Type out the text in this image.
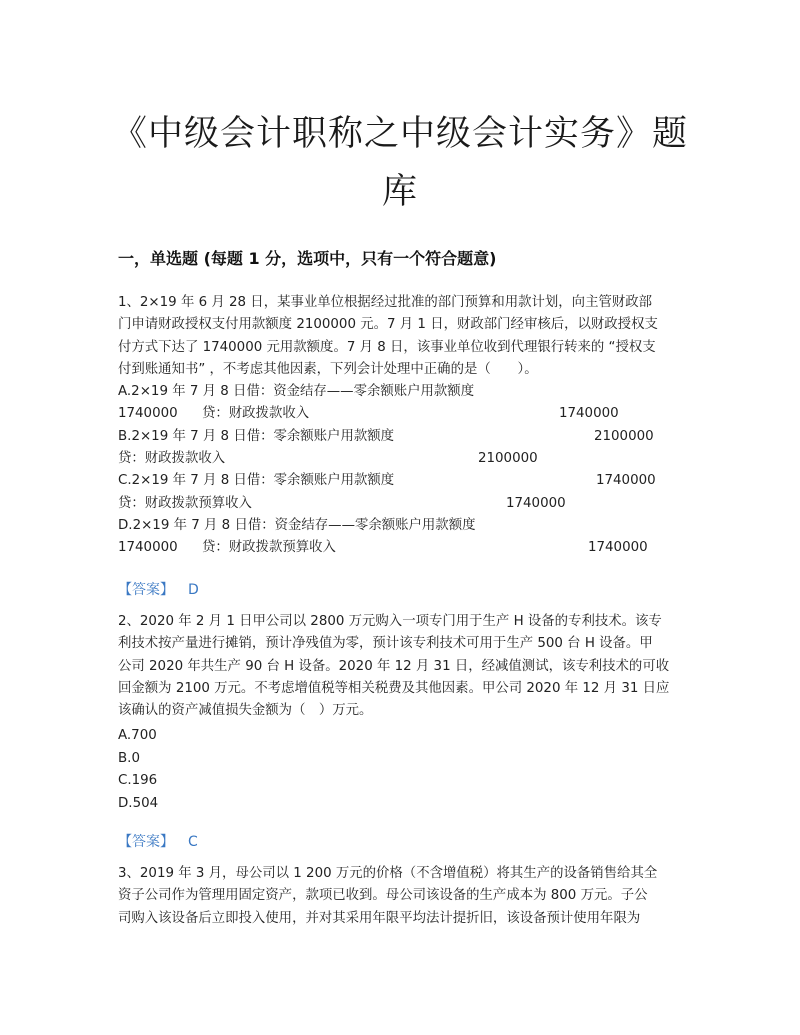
《中级会计职称之中级会计实务》题
库
一，单选题 (每题 1 分，选项中，只有一个符合题意)

1、2×19 年 6 月 28 日，某事业单位根据经过批准的部门预算和用款计划，向主管财政部

门申请财政授权支付用款额度 2100000 元。7 月 1 日，财政部门经审核后，以财政授权支

付方式下达了 1740000 元用款额度。7 月 8 日，该事业单位收到代理银行转来的 “授权支

付到账通知书” ，不考虑其他因素，下列会计处理中正确的是（　　）。

A.2×19 年 7 月 8 日借：资金结存——零余额账户用款额度
1740000 贷：财政拨款收入	1740000
B.2×19 年 7 月 8 日借：零余额账户用款额度	2100000
贷：财政拨款收入	2100000
C.2×19 年 7 月 8 日借：零余额账户用款额度	1740000
贷：财政拨款预算收入	1740000
D.2×19 年 7 月 8 日借：资金结存——零余额账户用款额度
1740000 贷：财政拨款预算收入	1740000
【答案】 D

2、2020 年 2 月 1 日甲公司以 2800 万元购入一项专门用于生产 H 设备的专利技术。该专

利技术按产量进行摊销，预计净残值为零，预计该专利技术可用于生产 500 台 H 设备。甲

公司 2020 年共生产 90 台 H 设备。2020 年 12 月 31 日，经减值测试，该专利技术的可收

回金额为 2100 万元。不考虑增值税等相关税费及其他因素。甲公司 2020 年 12 月 31 日应

该确认的资产减值损失金额为（　）万元。

A.700

B.0

C.196

D.504

【答案】 C

3、2019 年 3 月，母公司以 1 200 万元的价格（不含增值税）将其生产的设备销售给其全

资子公司作为管理用固定资产，款项已收到。母公司该设备的生产成本为 800 万元。子公

司购入该设备后立即投入使用，并对其采用年限平均法计提折旧，该设备预计使用年限为
